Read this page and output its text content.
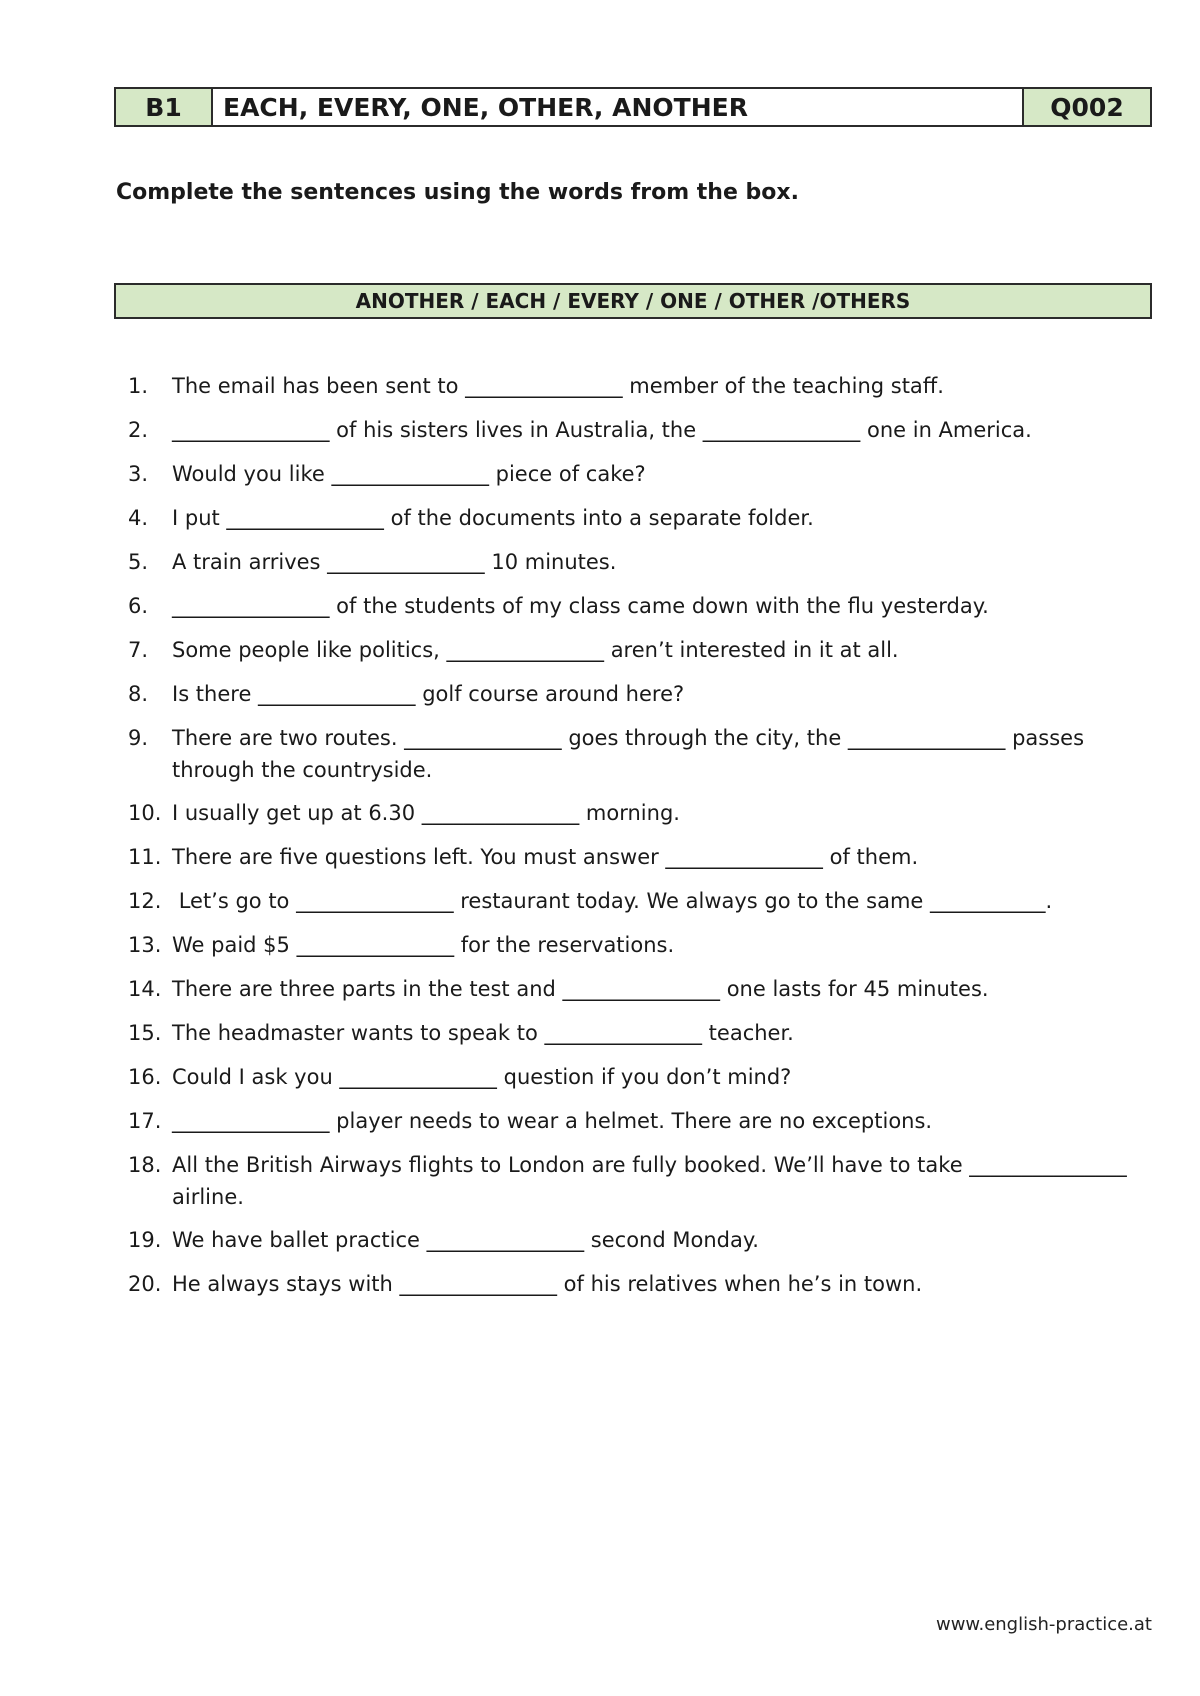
B1	EACH, EVERY, ONE, OTHER, ANOTHER	Q002
Complete the sentences using the words from the box.
ANOTHER / EACH / EVERY / ONE / OTHER /OTHERS
1.	The email has been sent to _______________ member of the teaching staff.
2.	_______________ of his sisters lives in Australia, the _______________ one in America.
3.	Would you like _______________ piece of cake?
4.	I put _______________ of the documents into a separate folder.
5.	A train arrives _______________ 10 minutes.
6.	_______________ of the students of my class came down with the flu yesterday.
7.	Some people like politics, _______________ aren’t interested in it at all.
8.	Is there _______________ golf course around here?
9.	There are two routes. _______________ goes through the city, the _______________ passes through the countryside.
10. I usually get up at 6.30 _______________ morning.
11. There are five questions left. You must answer _______________ of them.
12. Let’s go to _______________ restaurant today. We always go to the same ___________.
13. We paid $5 _______________ for the reservations.
14. There are three parts in the test and _______________ one lasts for 45 minutes.
15. The headmaster wants to speak to _______________ teacher.
16. Could I ask you _______________ question if you don’t mind?
17. _______________ player needs to wear a helmet. There are no exceptions.
18. All the British Airways flights to London are fully booked. We’ll have to take _______________ airline.
19. We have ballet practice _______________ second Monday.
20. He always stays with _______________ of his relatives when he’s in town.
www.english-practice.at
